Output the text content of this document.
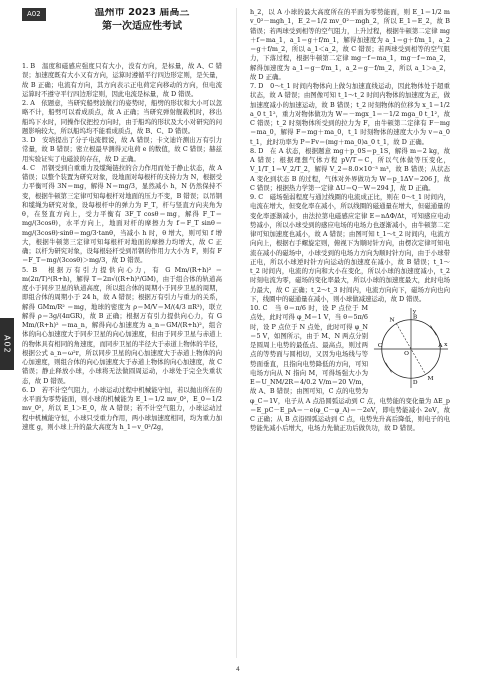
A02
A02	温州市 2023 届高三
第一次适应性考试

1. B　温度和磁感应强度只有大小，没有方向，是标量，故 A、C 错误；加速度既有大小又有方向，运算时遵循平行四边形定则，是矢量，故 B 正确；电流有方向，其方向表示正电荷定向移动的方向，但电流运算时不遵守平行四边形定则，因此电流是标量，故 D 错误。

2. A　依题意，当研究船劈波航行的姿势时，船劈的形状和大小可以忽略不计，船劈可以看成质点，故 A 正确；当研究弹射舰载机时，移出船坞下水时，同操作仪把控方向时，由于船坞的形状及大小对研究的问题影响较大，所以船坞均不能看成质点，故 B、C、D 错误。

3. D　安培提出了分子电流假说，故 A 错误；卡文迪许测出万有引力常量，故 B 错误；密立根最早测得元电荷 e 的数值，故 C 错误；赫兹用实验证实了电磁波的存在，故 D 正确。

4. C　吊钢受到自重重力及缆绳链拉的合力作用而处于静止状态，故 A 错误；以整个装置为研究对象，设地面对每根杆的支持力为 N，根据受力平衡可得 3N＝mg，解得 N＝mg/3，显然减小 h，N 仍然保持不变，根据牛顿第三定律可知每根杆对地面的压力不变，B 错误；以吊钢和缆绳为研究对象，设每根杆中的弹力为 F_T，杆与竖直方向夹角为 θ，在竖直方向上，受力平衡有 3F_T cosθ＝mg，解得 F_T＝mg/(3cosθ)，水平方向上，地面对杆的摩擦力为 f＝F_T sinθ＝mg/(3cosθ)·sinθ＝mg/3·tanθ，当减小 h 时，θ 增大，则可知 f 增大，根据牛顿第三定律可知每根杆对地面的摩擦力均增大，故 C 正确；以杆为研究对象，设每根轻杆受到吊钢的作用力大小为 F，则有 F＝F_T＝mg/(3cosθ)＞mg/3，故 D 错误。

5. B　根据万有引力提供向心力，有 G Mm/(R+h)² ＝ m(2π/T)²(R+h)，解得 T＝2π√((R+h)³/GM)，由于组合体的轨道高度小于同步卫星的轨道高度，所以组合体的周期小于同步卫星的周期，即组合体的周期小于 24 h，故 A 错误；根据万有引力与重力的关系，解得 GMm/R² ＝mg，地球的密度为 ρ＝M/V＝M/(4/3 πR³)，联立解得 ρ＝3g/(4πGR)，故 B 正确；根据万有引力提供向心力，有 G Mm/(R+h)² ＝ma_n，解得向心加速度为 a_n＝GM/(R+h)²，组合体的向心加速度大于同步卫星的向心加速度，但由于同步卫星与赤道上的物体具有相同的角速度，而同步卫星的半径大于赤道上物体的半径，根据公式 a_n＝ω²r，所以同步卫星的向心加速度大于赤道上物体的向心加速度，则组合体的向心加速度大于赤道上物体的向心加速度，故 C 错误；静止释放小球，小球将无法做圆周运动，小球处于完全失重状态，故 D 错误。

6. D　若不计空气阻力，小球运动过程中机械能守恒，若以抛出所在的水平面为零势能面，则小球的机械能为 E_1＝1/2 mv_0²，E_0＝1/2 mv_0²，所以 E_1＞E_0，故 A 错误；若不计空气阻力，小球运动过程中机械能守恒，小球只受重力作用，两小球加速度相同，均为重力加速度 g，则小球上升的最大高度为 h_1＝v_0²/2g，

h_2，以 A 小球的最大高度所在的平面为零势能面，则 E_1＝1/2 m v_0²－mgh_1，E_2＝1/2 mv_0²－mgh_2，所以 E_1＝E_2，故 B 错误；若两球受到相等的空气阻力，上升过程，根据牛顿第二定律 mg＋f＝ma_1，a_1＝g＋f/m_1，解得加速度为 a_1＝g＋f/m_1，a_2＝g＋f/m_2，所以 a_1＜a_2，故 C 错误；若两球受到相等的空气阻力，下落过程，根据牛顿第二定律 mg－f＝ma_1，mg－f＝ma_2，解得加速度为 a_1＝g－f/m_1，a_2＝g－f/m_2，所以 a_1＞a_2，故 D 正确。

7. D　0～t_1 时间内物体向上做匀加速直线运动，因此物体处于超重状态，故 A 错误；由图像可知 t_1～t_2 时间内物体的加速度为正，做加速度减小的加速运动，故 B 错误；t_2 时刻物体的位移为 x_1＝1/2 a_0 t_1²，重力对物体做功为 W＝－mgx_1＝－1/2 mga_0 t_1²，故 C 错误；t_2 时刻物体所受到的拉力为 F，由牛顿第二定律有 F－mg＝ma_0，解得 F＝mg＋ma_0，t_1 时刻物体的速度大小为 v＝a_0 t_1，此时功率为 P＝Fv＝(mg＋ma_0)a_0 t_1，故 D 正确。

8. D　在 A 状态，根据题意 mg＋p_0S＝p_1S，解得 m＝2 kg，故 A 错误；根据理想气体方程 pV/T＝C，所以气体做等压变化，V_1/T_1＝V_2/T_2，解得 V_2＝8.0×10⁻³ m³，故 B 错误；从状态 A 变化到状态 B 的过程，气体对外界做功为 W＝p_1ΔV＝206 J，故 C 错误；根据热力学第一定律 ΔU＝Q－W＝294 J，故 D 正确。

9. C　磁场强弱程度与通过线圈的电流成正比，则在 0～t_1 时间内，电流在增大，但变化率在减小，所以线圈的磁通量在增大，但磁通量的变化率逐渐减小，由法拉第电磁感应定律 E＝nΔΦ/Δt，可知感应电动势减小，所以小球受到的感应电场的电场力也逐渐减小，由牛顿第二定律可知加速度也减小，故 A 错误；由图可知 t_1～t_2 时间内，电流方向向上，根据右手螺旋定则，俯视下为顺时针方向，由楞次定律可知电流在减小的磁场中，小球受到的电场力方向为顺时针方向，由于小球带正电，所以小球逆时针方向运动的加速度在减小，故 B 错误；t_1～t_2 时间内，电流的方向和大小在变化，所以小球的加速度减小，t_2 时刻电流为零，磁场的变化率最大，所以小球的加速度最大，此时电场力最大，故 C 正确；t_2～t_3 时间内，电流方向向下，磁场方向也向下，线圈中的磁通量在减小，则小球做减速运动，故 D 错误。

y
x
B
A
D
C
M
N
O

10. C　当 θ＝π/6 时，设 P 点位于 M 点处，此时可得 φ_M＝1 V，当 θ＝5π/6 时，设 P 点位于 N 点处，此时可得 φ_N＝5 V，如图所示，由于 M、N 两点分别是圆周上电势的最低点、最高点，则过两点的等势面与圆相切，又因为电场线与等势面垂直，且指向电势降低的方向，可知电场方向从 N 指向 M，可得场强大小为 E＝U_NM/2R＝4/0.2 V/m＝20 V/m，故 A、B 错误；由图可知，C 点的电势为 φ_C＝1V，电子从 A 点沿圆弧运动到 C 点，电势能的变化量为 ΔE_p＝E_pC－E_pA＝－e(φ_C－φ_A)＝－2eV，即电势能减小 2eV，故 C 正确；从 B 点沿圆弧运动到 C 点，电势先升高后降低，则电子的电势能先减小后增大，电场力先做正功后做负功，故 D 错误。

4
